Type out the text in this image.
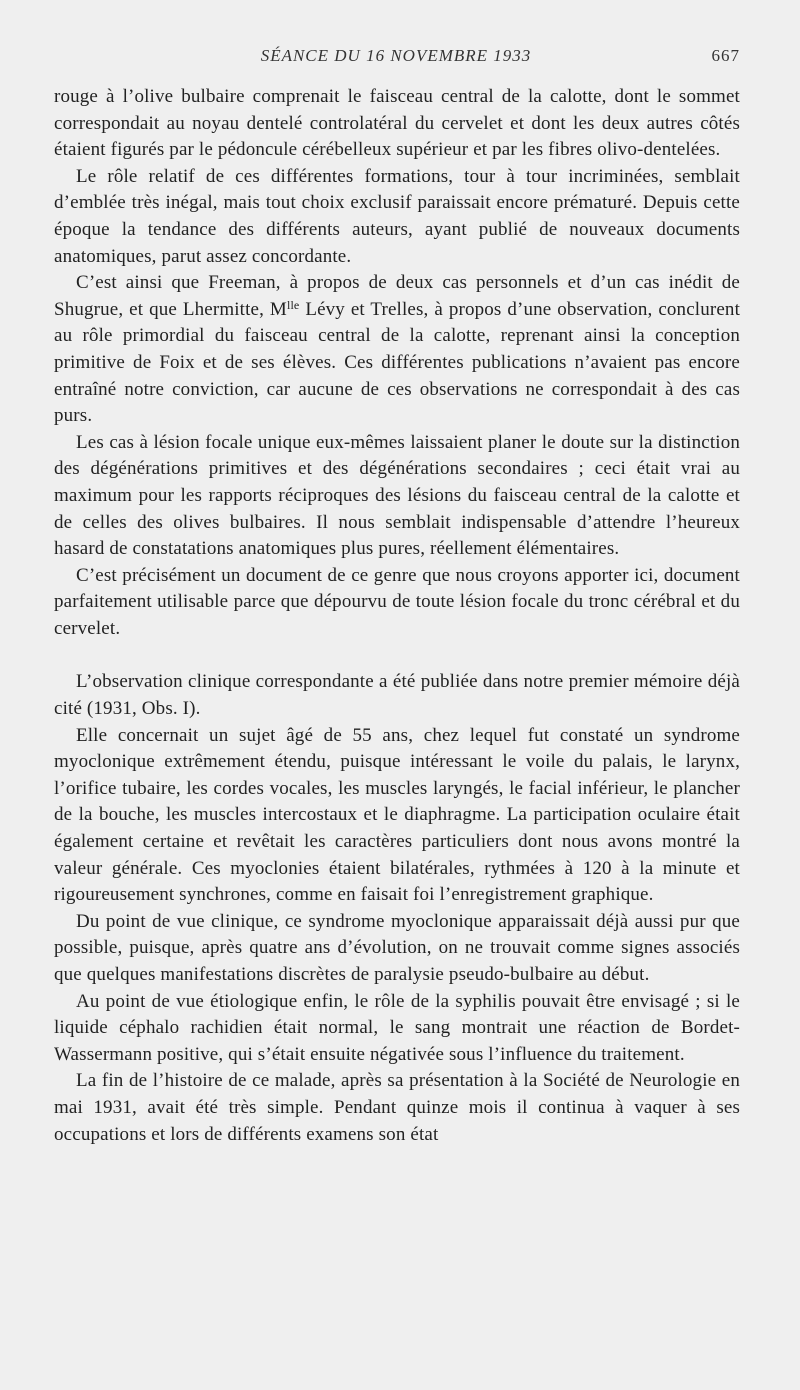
SÉANCE DU 16 NOVEMBRE 1933	667

rouge à l’olive bulbaire comprenait le faisceau central de la calotte, dont le sommet correspondait au noyau dentelé controlatéral du cervelet et dont les deux autres côtés étaient figurés par le pédoncule cérébelleux supérieur et par les fibres olivo-dentelées.

Le rôle relatif de ces différentes formations, tour à tour incriminées, semblait d’emblée très inégal, mais tout choix exclusif paraissait encore prématuré. Depuis cette époque la tendance des différents auteurs, ayant publié de nouveaux documents anatomiques, parut assez concordante.

C’est ainsi que Freeman, à propos de deux cas personnels et d’un cas inédit de Shugrue, et que Lhermitte, $M^{lle}$ Lévy et Trelles, à propos d’une observation, conclurent au rôle primordial du faisceau central de la calotte, reprenant ainsi la conception primitive de Foix et de ses élèves. Ces différentes publications n’avaient pas encore entraîné notre conviction, car aucune de ces observations ne correspondait à des cas purs.

Les cas à lésion focale unique eux-mêmes laissaient planer le doute sur la distinction des dégénérations primitives et des dégénérations secondaires ; ceci était vrai au maximum pour les rapports réciproques des lésions du faisceau central de la calotte et de celles des olives bulbaires. Il nous semblait indispensable d’attendre l’heureux hasard de constatations anatomiques plus pures, réellement élémentaires.

C’est précisément un document de ce genre que nous croyons apporter ici, document parfaitement utilisable parce que dépourvu de toute lésion focale du tronc cérébral et du cervelet.

L’observation clinique correspondante a été publiée dans notre premier mémoire déjà cité (1931, Obs. I).

Elle concernait un sujet âgé de 55 ans, chez lequel fut constaté un syndrome myoclonique extrêmement étendu, puisque intéressant le voile du palais, le larynx, l’orifice tubaire, les cordes vocales, les muscles laryngés, le facial inférieur, le plancher de la bouche, les muscles intercostaux et le diaphragme. La participation oculaire était également certaine et revêtait les caractères particuliers dont nous avons montré la valeur générale. Ces myoclonies étaient bilatérales, rythmées à 120 à la minute et rigoureusement synchrones, comme en faisait foi l’enregistrement graphique.

Du point de vue clinique, ce syndrome myoclonique apparaissait déjà aussi pur que possible, puisque, après quatre ans d’évolution, on ne trouvait comme signes associés que quelques manifestations discrètes de paralysie pseudo-bulbaire au début.

Au point de vue étiologique enfin, le rôle de la syphilis pouvait être envisagé ; si le liquide céphalo rachidien était normal, le sang montrait une réaction de Bordet-Wassermann positive, qui s’était ensuite négativée sous l’influence du traitement.

La fin de l’histoire de ce malade, après sa présentation à la Société de Neurologie en mai 1931, avait été très simple. Pendant quinze mois il continua à vaquer à ses occupations et lors de différents examens son état
